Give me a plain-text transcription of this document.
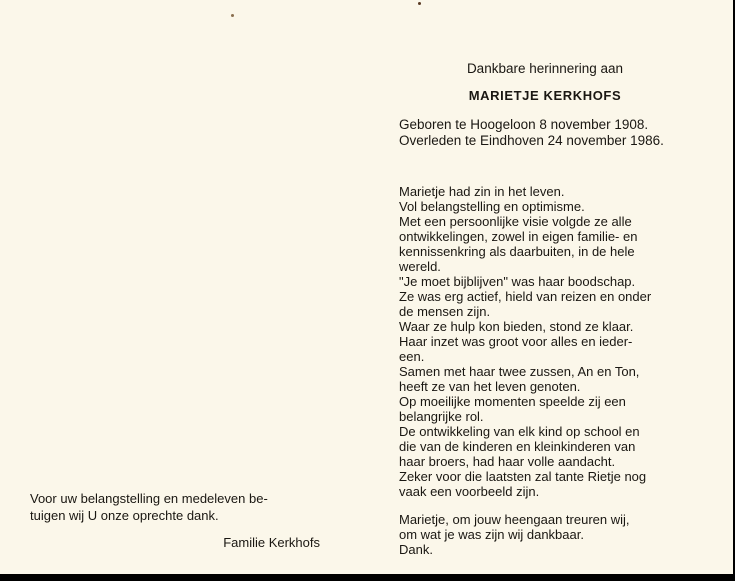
Voor uw belangstelling en medeleven be-
tuigen wij U onze oprechte dank.
Familie Kerkhofs
Dankbare herinnering aan
MARIETJE KERKHOFS
Geboren te Hoogeloon 8 november 1908.
Overleden te Eindhoven 24 november 1986.
Marietje had zin in het leven.
Vol belangstelling en optimisme.
Met een persoonlijke visie volgde ze alle
ontwikkelingen, zowel in eigen familie- en
kennissenkring als daarbuiten, in de hele
wereld.
"Je moet bijblijven" was haar boodschap.
Ze was erg actief, hield van reizen en onder
de mensen zijn.
Waar ze hulp kon bieden, stond ze klaar.
Haar inzet was groot voor alles en ieder-
een.
Samen met haar twee zussen, An en Ton,
heeft ze van het leven genoten.
Op moeilijke momenten speelde zij een
belangrijke rol.
De ontwikkeling van elk kind op school en
die van de kinderen en kleinkinderen van
haar broers, had haar volle aandacht.
Zeker voor die laatsten zal tante Rietje nog
vaak een voorbeeld zijn.
Marietje, om jouw heengaan treuren wij,
om wat je was zijn wij dankbaar.
Dank.
